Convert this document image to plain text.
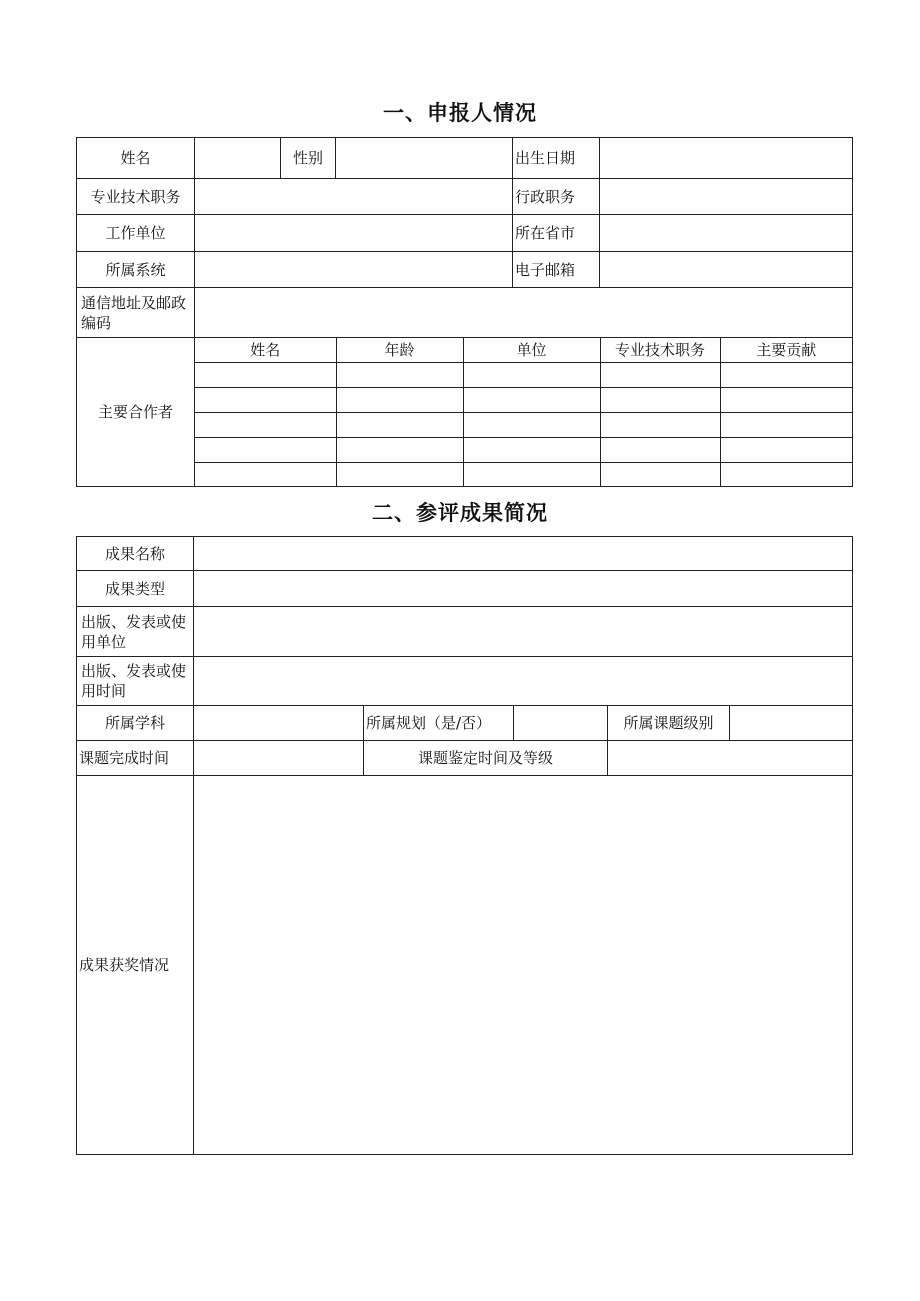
一、申报人情况
姓名		性别		出生日期	
专业技术职务		行政职务	
工作单位		所在省市	
所属系统		电子邮箱	
通信地址及邮政编码	
主要合作者	
姓名	年龄	单位	专业技术职务	主要贡献

二、参评成果简况
成果名称	
成果类型	
出版、发表或使用单位	
出版、发表或使用时间	
所属学科		所属规划（是/否）		所属课题级别	
课题完成时间		课题鉴定时间及等级			
成果获奖情况					
